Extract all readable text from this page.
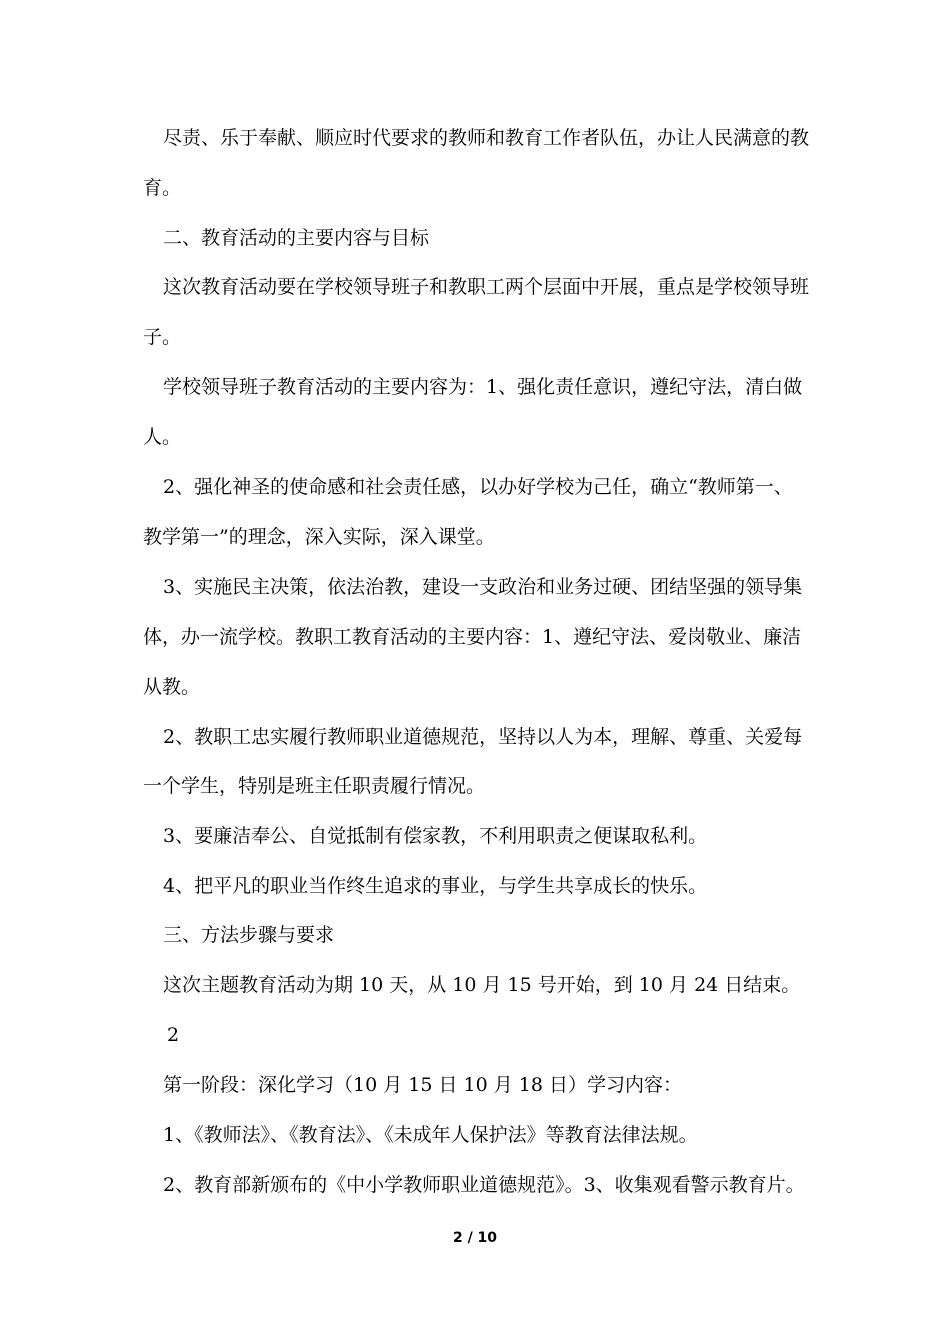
尽责、乐于奉献、顺应时代要求的教师和教育工作者队伍，办让人民满意的教
育。
二、教育活动的主要内容与目标
这次教育活动要在学校领导班子和教职工两个层面中开展，重点是学校领导班
子。
学校领导班子教育活动的主要内容为：1、强化责任意识，遵纪守法，清白做
人。
2、强化神圣的使命感和社会责任感，以办好学校为己任，确立“教师第一、
教学第一”的理念，深入实际，深入课堂。
3、实施民主决策，依法治教，建设一支政治和业务过硬、团结坚强的领导集
体，办一流学校。教职工教育活动的主要内容：1、遵纪守法、爱岗敬业、廉洁
从教。
2、教职工忠实履行教师职业道德规范，坚持以人为本，理解、尊重、关爱每
一个学生，特别是班主任职责履行情况。
3、要廉洁奉公、自觉抵制有偿家教，不利用职责之便谋取私利。
4、把平凡的职业当作终生追求的事业，与学生共享成长的快乐。
三、方法步骤与要求
这次主题教育活动为期 10 天，从 10 月 15 号开始，到 10 月 24 日结束。
2
第一阶段：深化学习（10 月 15 日 10 月 18 日）学习内容：
1、《教师法》、《教育法》、《未成年人保护法》等教育法律法规。
2、教育部新颁布的《中小学教师职业道德规范》。3、收集观看警示教育片。
2 / 10
